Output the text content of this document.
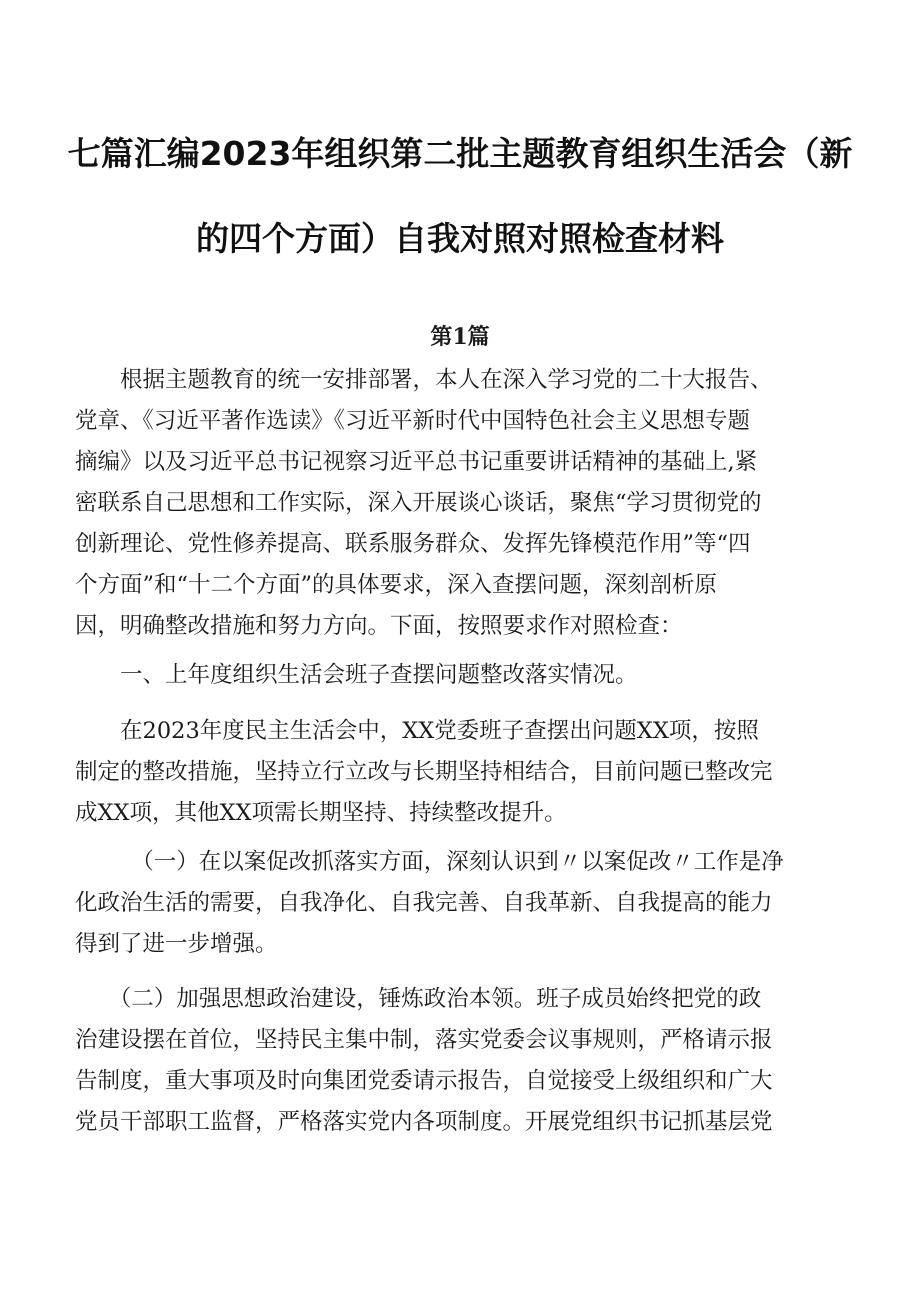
七篇汇编2023年组织第二批主题教育组织生活会（新
的四个方面）自我对照对照检查材料
第1篇

　　根据主题教育的统一安排部署，本人在深入学习党的二十大报告、

党章、《习近平著作选读》《习近平新时代中国特色社会主义思想专题

摘编》以及习近平总书记视察习近平总书记重要讲话精神的基础上,紧

密联系自己思想和工作实际，深入开展谈心谈话，聚焦“学习贯彻党的

创新理论、党性修养提高、联系服务群众、发挥先锋模范作用”等“四

个方面”和“十二个方面”的具体要求，深入查摆问题，深刻剖析原

因，明确整改措施和努力方向。下面，按照要求作对照检查：

　　一、上年度组织生活会班子查摆问题整改落实情况。

　　在2023年度民主生活会中，XX党委班子查摆出问题XX项，按照

制定的整改措施，坚持立行立改与长期坚持相结合，目前问题已整改完

成XX项，其他XX项需长期坚持、持续整改提升。

　　　（一）在以案促改抓落实方面，深刻认识到〃以案促改〃工作是净

化政治生活的需要，自我净化、自我完善、自我革新、自我提高的能力

得到了进一步增强。

　　（二）加强思想政治建设，锤炼政治本领。班子成员始终把党的政

治建设摆在首位，坚持民主集中制，落实党委会议事规则，严格请示报

告制度，重大事项及时向集团党委请示报告，自觉接受上级组织和广大

党员干部职工监督，严格落实党内各项制度。开展党组织书记抓基层党
